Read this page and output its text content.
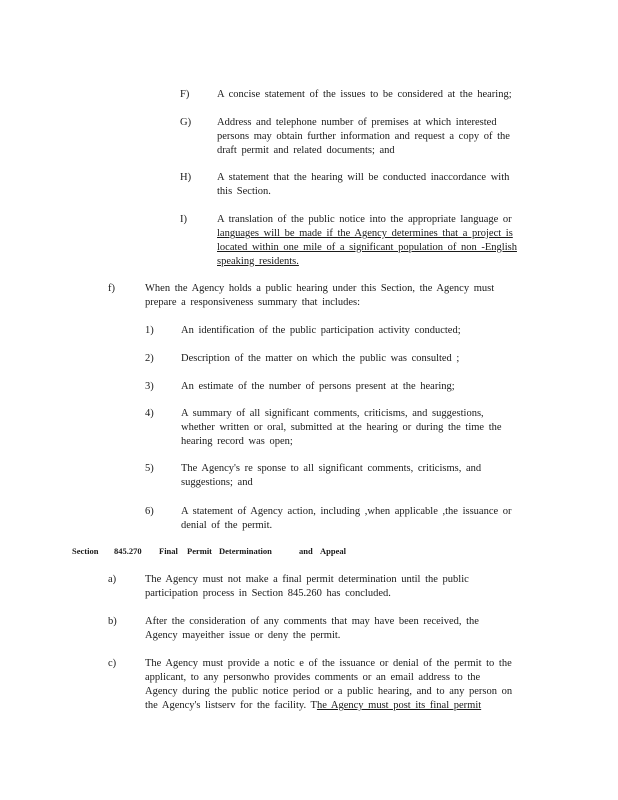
F)	A concise statement of the issues to be considered at the hearing;

G) Address and telephone number of premises at which interested

persons may obtain further information and request a copy of the

draft permit and related documents; and

H) A statement that the hearing will be conducted inaccordance with

this Section.

I)	A translation of the public notice into the appropriate language or

languages will be made if the Agency determines that a project is

located within one mile of a significant population of non -English

speaking residents.

f)	When the Agency holds a public hearing under this Section, the Agency must

prepare a responsiveness summary that includes:

1)	An identification of the public participation activity conducted;

2)	Description of the matter on which the public was consulted ;

3)	An estimate of the number of persons present at the hearing;

4)	A summary of all significant comments, criticisms, and suggestions,

whether written or oral, submitted at the hearing or during the time the

hearing record was open;

5)	The Agency's re sponse to all significant comments, criticisms, and

suggestions; and

6)	A statement of Agency action, including ,when applicable ,the issuance or

denial of the permit.

Section 845.270 Final Permit Determination	and Appeal
a)	The Agency must not make a final permit determination until the public

participation process in Section 845.260 has concluded.

b)	After the consideration of any comments that may have been received, the

Agency mayeither issue or deny the permit.

c)	The Agency must provide a notic e of the issuance or denial of the permit to the

applicant, to any personwho provides comments or an email address to the

Agency during the public notice period or a public hearing, and to any person on

the Agency's listserv for the facility. The Agency must post its final permit
